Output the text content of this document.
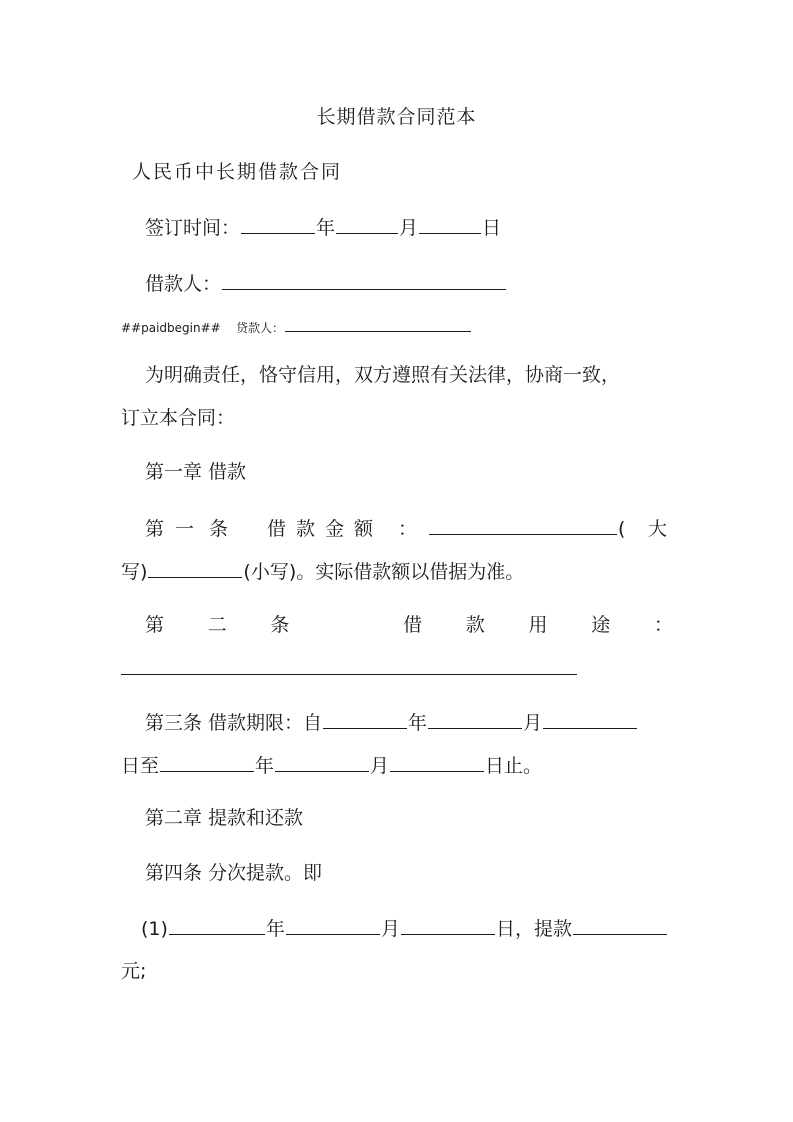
长期借款合同范本
人民币中长期借款合同
签订时间：	年	月	日
借款人：
##paidbegin## 贷款人：
为明确责任，恪守信用，双方遵照有关法律，协商一致，
订立本合同：
第一章 借款
第 一 条 借 款 金 额 ：	( 大
写)	(小写)。实际借款额以借据为准。
第 二 条	借 款 用 途 ：
第三条 借款期限：自	年	月
日至	年	月	日止。
第二章 提款和还款
第四条 分次提款。即
(1)	年	月	日，提款
元;
